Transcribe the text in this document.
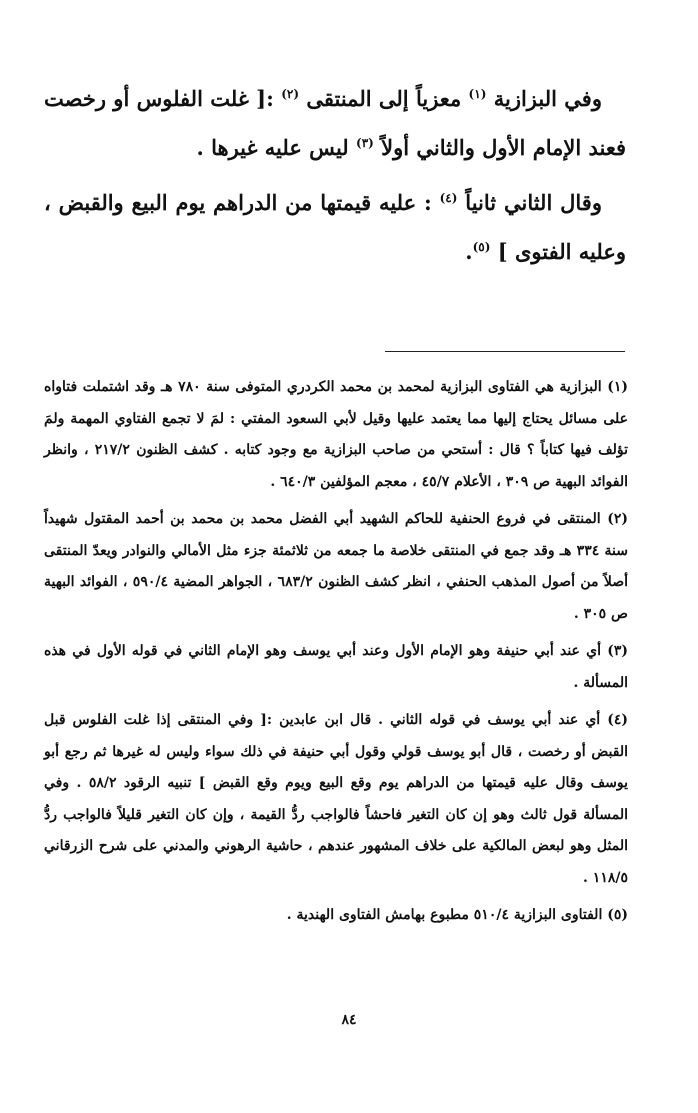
وفي البزازية $^{(١)}$ معزياً إلى المنتقى $^{(٢)}$ :[ غلت الفلوس أو رخصت فعند الإمام الأول والثاني أولاً $^{(٣)}$ ليس عليه غيرها .

وقال الثاني ثانياً $^{(٤)}$ : عليه قيمتها من الدراهم يوم البيع والقبض ، وعليه الفتوى ] $^{(٥)}$.

(١) البزازية هي الفتاوى البزازية لمحمد بن محمد الكردري المتوفى سنة ٧٨٠ هـ وقد اشتملت فتاواه على مسائل يحتاج إليها مما يعتمد عليها وقيل لأبي السعود المفتي : لمَ لا تجمع الفتاوي المهمة ولمَ تؤلف فيها كتاباً ؟ قال : أستحي من صاحب البزازية مع وجود كتابه . كشف الظنون ٢١٧/٢ ، وانظر الفوائد البهية ص ٣٠٩ ، الأعلام ٤٥/٧ ، معجم المؤلفين ٦٤٠/٣ .

(٢) المنتقى في فروع الحنفية للحاكم الشهيد أبي الفضل محمد بن محمد بن أحمد المقتول شهيداً سنة ٣٣٤ هـ وقد جمع في المنتقى خلاصة ما جمعه من ثلاثمئة جزء مثل الأمالي والنوادر ويعدّ المنتقى أصلاً من أصول المذهب الحنفي ، انظر كشف الظنون ٦٨٣/٢ ، الجواهر المضية ٥٩٠/٤ ، الفوائد البهية ص ٣٠٥ .

(٣) أي عند أبي حنيفة وهو الإمام الأول وعند أبي يوسف وهو الإمام الثاني في قوله الأول في هذه المسألة .

(٤) أي عند أبي يوسف في قوله الثاني . قال ابن عابدين :[ وفي المنتقى إذا غلت الفلوس قبل القبض أو رخصت ، قال أبو يوسف قولي وقول أبي حنيفة في ذلك سواء وليس له غيرها ثم رجع أبو يوسف وقال عليه قيمتها من الدراهم يوم وقع البيع ويوم وقع القبض ] تنبيه الرقود ٥٨/٢ . وفي المسألة قول ثالث وهو إن كان التغير فاحشاً فالواجب ردُّ القيمة ، وإن كان التغير قليلاً فالواجب ردُّ المثل وهو لبعض المالكية على خلاف المشهور عندهم ، حاشية الرهوني والمدني على شرح الزرقاني ١١٨/٥ .

(٥) الفتاوى البزازية ٥١٠/٤ مطبوع بهامش الفتاوى الهندية .

٨٤
